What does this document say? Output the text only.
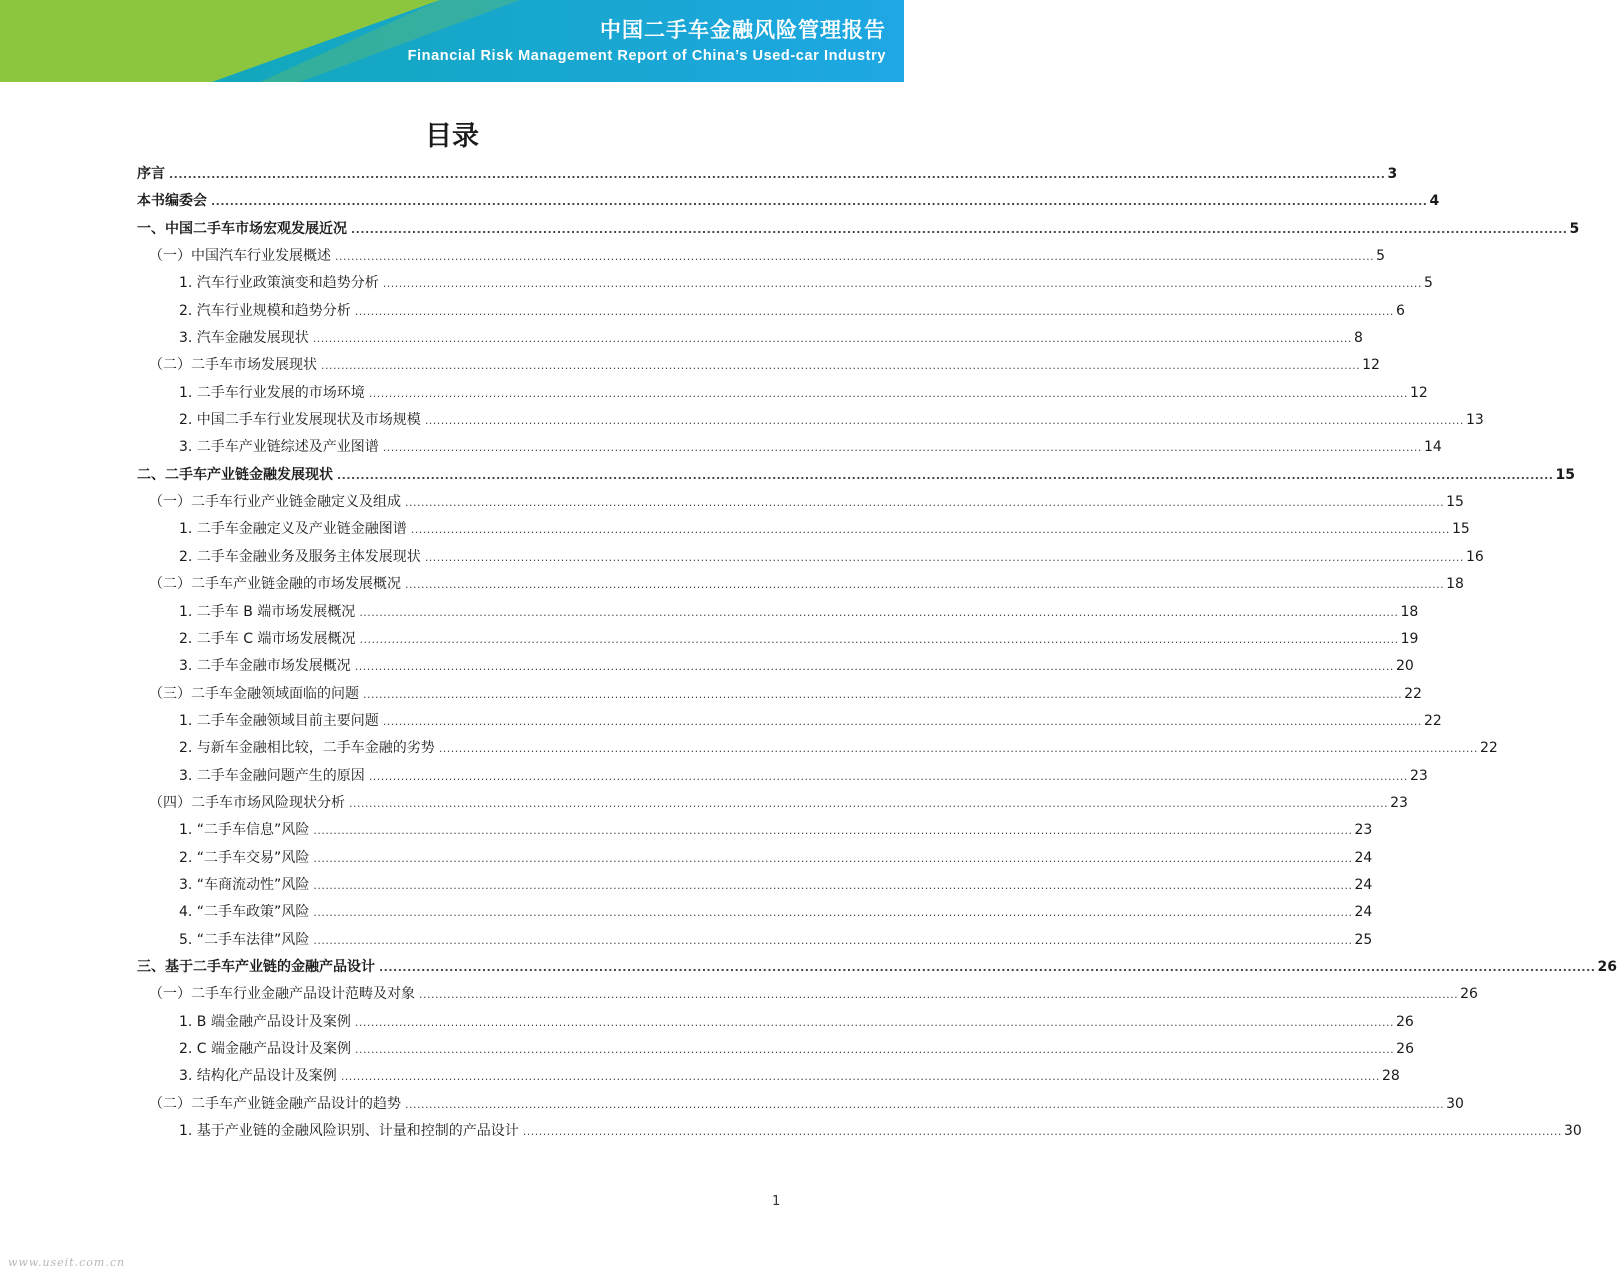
中国二手车金融风险管理报告
Financial Risk Management Report of China’s Used-car Industry
目录
序言 .................................................................................................................................................................................................................................................................... 3
本书编委会 .................................................................................................................................................................................................................................................................... 4
一、中国二手车市场宏观发展近况 .................................................................................................................................................................................................................................................................... 5
（一）中国汽车行业发展概述 .................................................................................................................................................................................................................................................................... 5
1. 汽车行业政策演变和趋势分析 .................................................................................................................................................................................................................................................................... 5
2. 汽车行业规模和趋势分析 .................................................................................................................................................................................................................................................................... 6
3. 汽车金融发展现状 .................................................................................................................................................................................................................................................................... 8
（二）二手车市场发展现状 .................................................................................................................................................................................................................................................................... 12
1. 二手车行业发展的市场环境 .................................................................................................................................................................................................................................................................... 12
2. 中国二手车行业发展现状及市场规模 .................................................................................................................................................................................................................................................................... 13
3. 二手车产业链综述及产业图谱 .................................................................................................................................................................................................................................................................... 14
二、二手车产业链金融发展现状 .................................................................................................................................................................................................................................................................... 15
（一）二手车行业产业链金融定义及组成 .................................................................................................................................................................................................................................................................... 15
1. 二手车金融定义及产业链金融图谱 .................................................................................................................................................................................................................................................................... 15
2. 二手车金融业务及服务主体发展现状 .................................................................................................................................................................................................................................................................... 16
（二）二手车产业链金融的市场发展概况 .................................................................................................................................................................................................................................................................... 18
1. 二手车 B 端市场发展概况 .................................................................................................................................................................................................................................................................... 18
2. 二手车 C 端市场发展概况 .................................................................................................................................................................................................................................................................... 19
3. 二手车金融市场发展概况 .................................................................................................................................................................................................................................................................... 20
（三）二手车金融领域面临的问题 .................................................................................................................................................................................................................................................................... 22
1. 二手车金融领域目前主要问题 .................................................................................................................................................................................................................................................................... 22
2. 与新车金融相比较，二手车金融的劣势 .................................................................................................................................................................................................................................................................... 22
3. 二手车金融问题产生的原因 .................................................................................................................................................................................................................................................................... 23
（四）二手车市场风险现状分析 .................................................................................................................................................................................................................................................................... 23
1. “二手车信息”风险 .................................................................................................................................................................................................................................................................... 23
2. “二手车交易”风险 .................................................................................................................................................................................................................................................................... 24
3. “车商流动性”风险 .................................................................................................................................................................................................................................................................... 24
4. “二手车政策”风险 .................................................................................................................................................................................................................................................................... 24
5. “二手车法律”风险 .................................................................................................................................................................................................................................................................... 25
三、基于二手车产业链的金融产品设计 .................................................................................................................................................................................................................................................................... 26
（一）二手车行业金融产品设计范畴及对象 .................................................................................................................................................................................................................................................................... 26
1. B 端金融产品设计及案例 .................................................................................................................................................................................................................................................................... 26
2. C 端金融产品设计及案例 .................................................................................................................................................................................................................................................................... 26
3. 结构化产品设计及案例 .................................................................................................................................................................................................................................................................... 28
（二）二手车产业链金融产品设计的趋势 .................................................................................................................................................................................................................................................................... 30
1. 基于产业链的金融风险识别、计量和控制的产品设计 .................................................................................................................................................................................................................................................................... 30
1
www.useit.com.cn
